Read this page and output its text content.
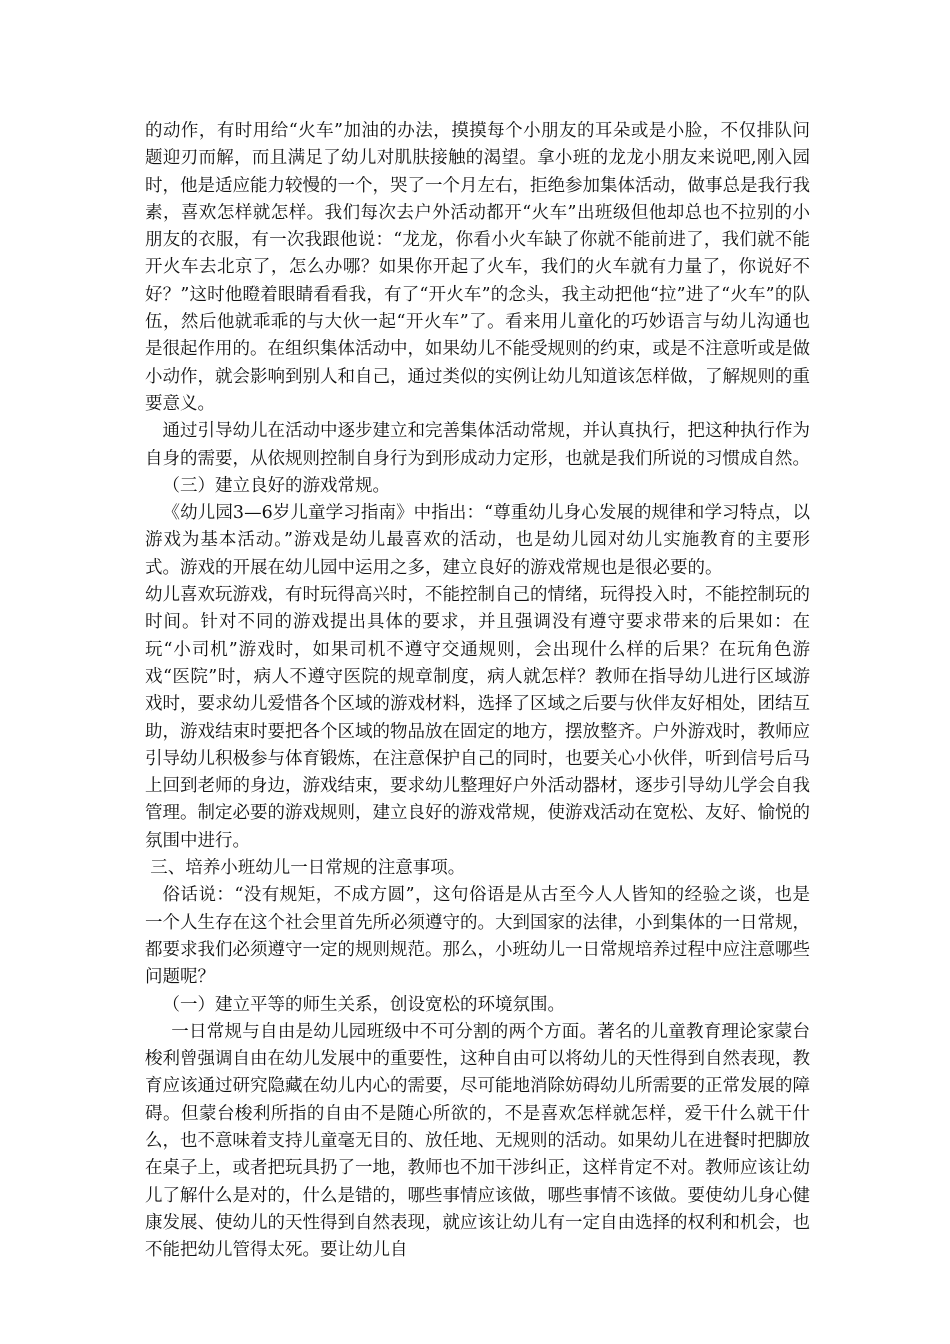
的动作，有时用给“火车”加油的办法，摸摸每个小朋友的耳朵或是小脸，不仅排队问题迎刃而解，而且满足了幼儿对肌肤接触的渴望。拿小班的龙龙小朋友来说吧,刚入园时，他是适应能力较慢的一个，哭了一个月左右，拒绝参加集体活动，做事总是我行我素，喜欢怎样就怎样。我们每次去户外活动都开“火车”出班级但他却总也不拉别的小朋友的衣服，有一次我跟他说：“龙龙，你看小火车缺了你就不能前进了，我们就不能开火车去北京了，怎么办哪？如果你开起了火车，我们的火车就有力量了，你说好不好？”这时他瞪着眼睛看看我，有了“开火车”的念头，我主动把他“拉”进了“火车”的队伍，然后他就乖乖的与大伙一起“开火车”了。看来用儿童化的巧妙语言与幼儿沟通也是很起作用的。在组织集体活动中，如果幼儿不能受规则的约束，或是不注意听或是做小动作，就会影响到别人和自己，通过类似的实例让幼儿知道该怎样做，了解规则的重要意义。

通过引导幼儿在活动中逐步建立和完善集体活动常规，并认真执行，把这种执行作为自身的需要，从依规则控制自身行为到形成动力定形，也就是我们所说的习惯成自然。

（三）建立良好的游戏常规。

《幼儿园3—6岁儿童学习指南》中指出：“尊重幼儿身心发展的规律和学习特点，以游戏为基本活动。”游戏是幼儿最喜欢的活动，也是幼儿园对幼儿实施教育的主要形式。游戏的开展在幼儿园中运用之多，建立良好的游戏常规也是很必要的。

幼儿喜欢玩游戏，有时玩得高兴时，不能控制自己的情绪，玩得投入时，不能控制玩的时间。针对不同的游戏提出具体的要求，并且强调没有遵守要求带来的后果如：在玩“小司机”游戏时，如果司机不遵守交通规则，会出现什么样的后果？在玩角色游戏“医院”时，病人不遵守医院的规章制度，病人就怎样？教师在指导幼儿进行区域游戏时，要求幼儿爱惜各个区域的游戏材料，选择了区域之后要与伙伴友好相处，团结互助，游戏结束时要把各个区域的物品放在固定的地方，摆放整齐。户外游戏时，教师应引导幼儿积极参与体育锻炼，在注意保护自己的同时，也要关心小伙伴，听到信号后马上回到老师的身边，游戏结束，要求幼儿整理好户外活动器材，逐步引导幼儿学会自我管理。制定必要的游戏规则，建立良好的游戏常规，使游戏活动在宽松、友好、愉悦的氛围中进行。

三、培养小班幼儿一日常规的注意事项。

俗话说：“没有规矩，不成方圆”，这句俗语是从古至今人人皆知的经验之谈，也是一个人生存在这个社会里首先所必须遵守的。大到国家的法律，小到集体的一日常规，都要求我们必须遵守一定的规则规范。那么，小班幼儿一日常规培养过程中应注意哪些问题呢？

（一）建立平等的师生关系，创设宽松的环境氛围。

一日常规与自由是幼儿园班级中不可分割的两个方面。著名的儿童教育理论家蒙台梭利曾强调自由在幼儿发展中的重要性，这种自由可以将幼儿的天性得到自然表现，教育应该通过研究隐藏在幼儿内心的需要，尽可能地消除妨碍幼儿所需要的正常发展的障碍。但蒙台梭利所指的自由不是随心所欲的，不是喜欢怎样就怎样，爱干什么就干什么，也不意味着支持儿童毫无目的、放任地、无规则的活动。如果幼儿在进餐时把脚放在桌子上，或者把玩具扔了一地，教师也不加干涉纠正，这样肯定不对。教师应该让幼儿了解什么是对的，什么是错的，哪些事情应该做，哪些事情不该做。要使幼儿身心健康发展、使幼儿的天性得到自然表现，就应该让幼儿有一定自由选择的权利和机会，也不能把幼儿管得太死。要让幼儿自
